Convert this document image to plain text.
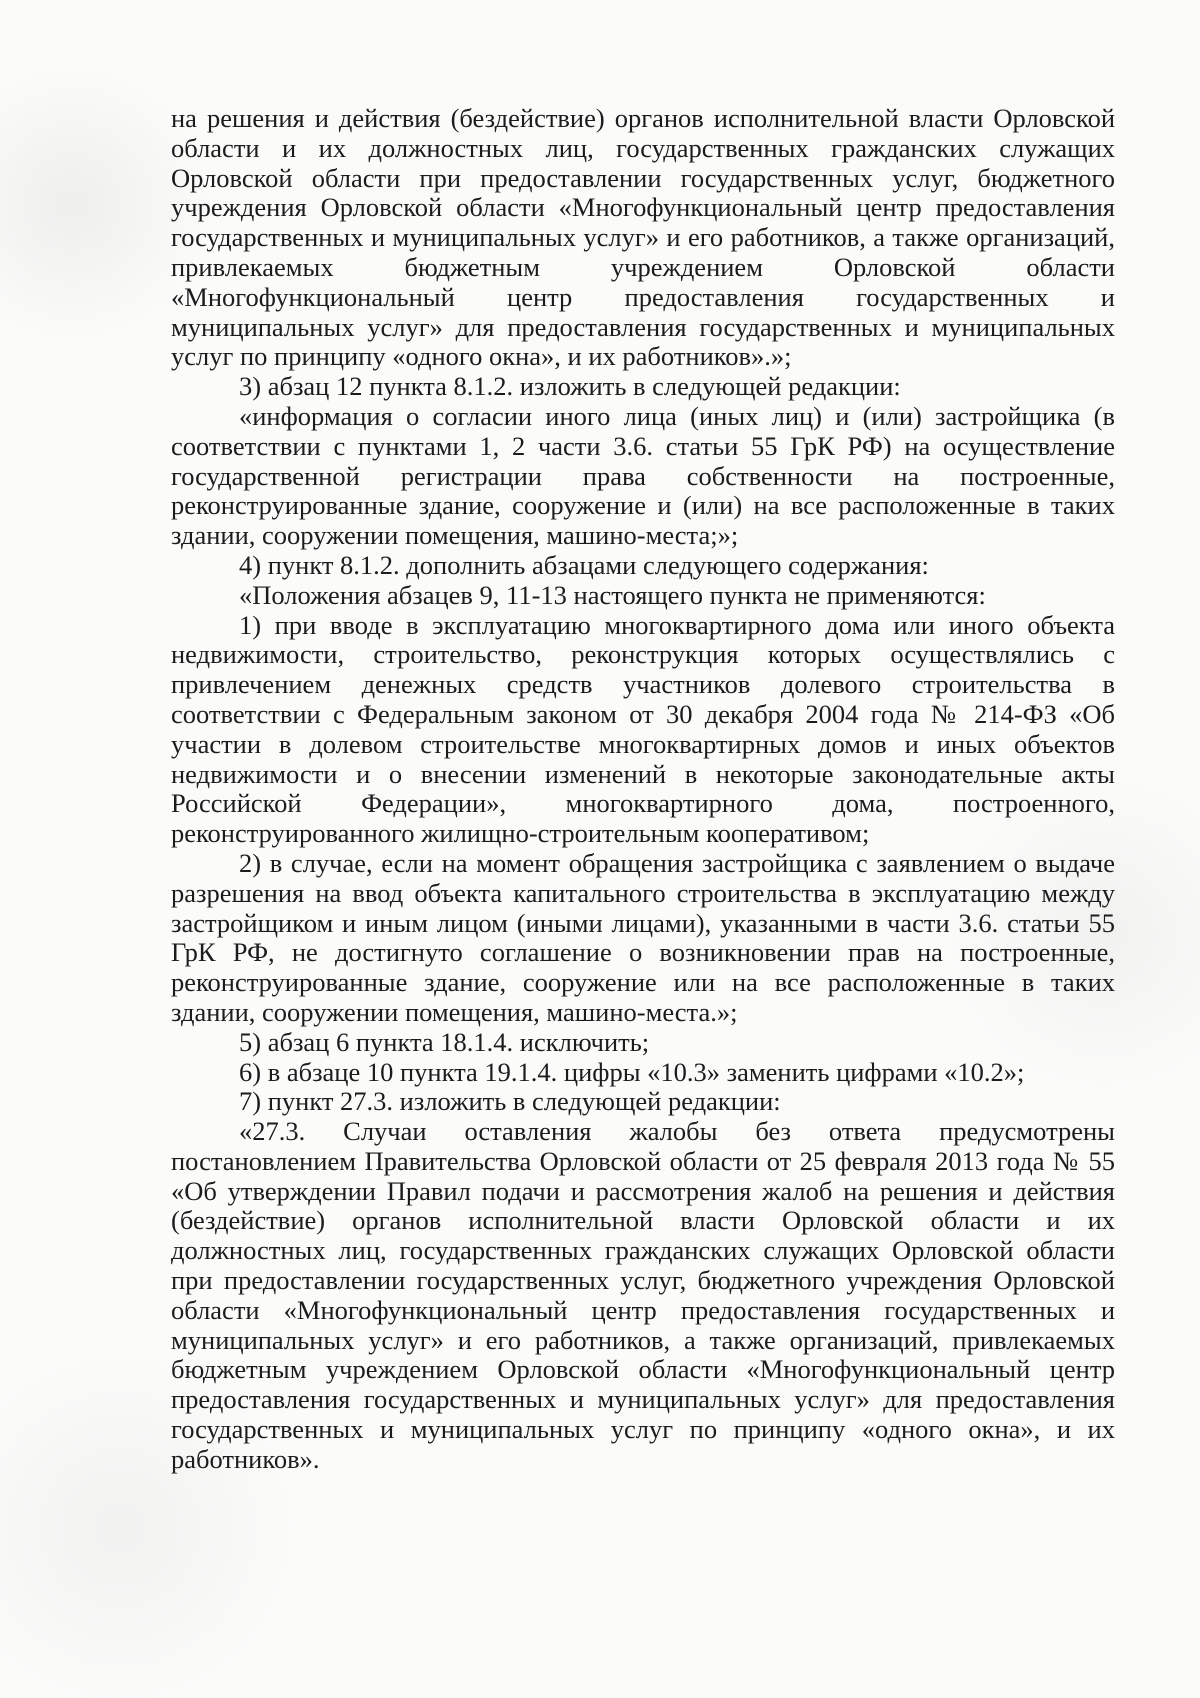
на решения и действия (бездействие) органов исполнительной власти Орловской области и их должностных лиц, государственных гражданских служащих Орловской области при предоставлении государственных услуг, бюджетного учреждения Орловской области «Многофункциональный центр предоставления государственных и муниципальных услуг» и его работников, а также организаций, привлекаемых бюджетным учреждением Орловской области «Многофункциональный центр предоставления государственных и муниципальных услуг» для предоставления государственных и муниципальных услуг по принципу «одного окна», и их работников».»;

3) абзац 12 пункта 8.1.2. изложить в следующей редакции:

«информация о согласии иного лица (иных лиц) и (или) застройщика (в соответствии с пунктами 1, 2 части 3.6. статьи 55 ГрК РФ) на осуществление государственной регистрации права собственности на построенные, реконструированные здание, сооружение и (или) на все расположенные в таких здании, сооружении помещения, машино-места;»;

4) пункт 8.1.2. дополнить абзацами следующего содержания:

«Положения абзацев 9, 11-13 настоящего пункта не применяются:

1) при вводе в эксплуатацию многоквартирного дома или иного объекта недвижимости, строительство, реконструкция которых осуществлялись с привлечением денежных средств участников долевого строительства в соответствии с Федеральным законом от 30 декабря 2004 года № 214-ФЗ «Об участии в долевом строительстве многоквартирных домов и иных объектов недвижимости и о внесении изменений в некоторые законодательные акты Российской Федерации», многоквартирного дома, построенного, реконструированного жилищно-строительным кооперативом;

2) в случае, если на момент обращения застройщика с заявлением о выдаче разрешения на ввод объекта капитального строительства в эксплуатацию между застройщиком и иным лицом (иными лицами), указанными в части 3.6. статьи 55 ГрК РФ, не достигнуто соглашение о возникновении прав на построенные, реконструированные здание, сооружение или на все расположенные в таких здании, сооружении помещения, машино-места.»;

5) абзац 6 пункта 18.1.4. исключить;

6) в абзаце 10 пункта 19.1.4. цифры «10.3» заменить цифрами «10.2»;

7) пункт 27.3. изложить в следующей редакции:

«27.3. Случаи оставления жалобы без ответа предусмотрены постановлением Правительства Орловской области от 25 февраля 2013 года № 55 «Об утверждении Правил подачи и рассмотрения жалоб на решения и действия (бездействие) органов исполнительной власти Орловской области и их должностных лиц, государственных гражданских служащих Орловской области при предоставлении государственных услуг, бюджетного учреждения Орловской области «Многофункциональный центр предоставления государственных и муниципальных услуг» и его работников, а также организаций, привлекаемых бюджетным учреждением Орловской области «Многофункциональный центр предоставления государственных и муниципальных услуг» для предоставления государственных и муниципальных услуг по принципу «одного окна», и их работников».
